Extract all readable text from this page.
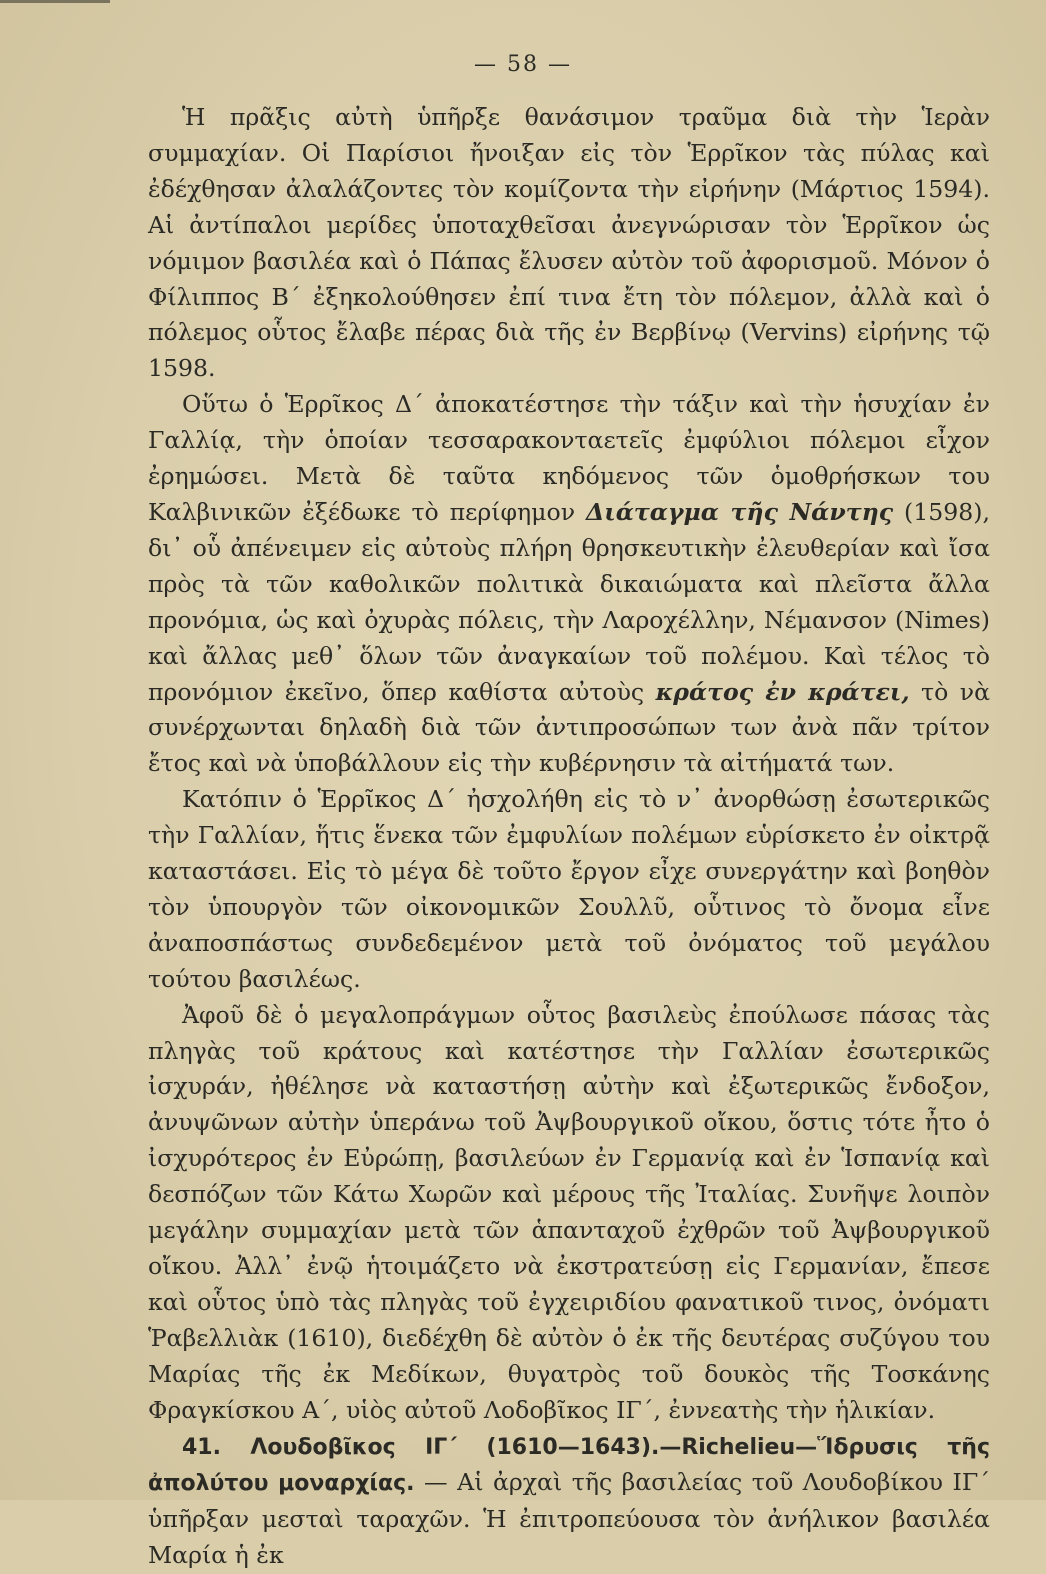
— 58 —

Ἡ πρᾶξις αὐτὴ ὑπῆρξε θανάσιμον τραῦμα διὰ τὴν Ἱερὰν συμμαχίαν. Οἱ Παρίσιοι ἤνοιξαν εἰς τὸν Ἑρρῖκον τὰς πύλας καὶ ἐδέχθησαν ἀλαλάζοντες τὸν κομίζοντα τὴν εἰρήνην (Μάρτιος 1594). Αἱ ἀντίπαλοι μερίδες ὑποταχθεῖσαι ἀνεγνώρισαν τὸν Ἑρρῖκον ὡς νόμιμον βασιλέα καὶ ὁ Πάπας ἔλυσεν αὐτὸν τοῦ ἀφορισμοῦ. Μόνον ὁ Φίλιππος Β΄ ἐξηκολούθησεν ἐπί τινα ἔτη τὸν πόλεμον, ἀλλὰ καὶ ὁ πόλεμος οὗτος ἔλαβε πέρας διὰ τῆς ἐν Βερβίνῳ (Vervins) εἰρήνης τῷ 1598.

Οὕτω ὁ Ἑρρῖκος Δ΄ ἀποκατέστησε τὴν τάξιν καὶ τὴν ἡσυχίαν ἐν Γαλλίᾳ, τὴν ὁποίαν τεσσαρακονταετεῖς ἐμφύλιοι πόλεμοι εἶχον ἐρημώσει. Μετὰ δὲ ταῦτα κηδόμενος τῶν ὁμοθρήσκων του Καλβινικῶν ἐξέδωκε τὸ περίφημον Διάταγμα τῆς Νάντης (1598), δι᾽ οὗ ἀπένειμεν εἰς αὐτοὺς πλήρη θρησκευτικὴν ἐλευθερίαν καὶ ἴσα πρὸς τὰ τῶν καθολικῶν πολιτικὰ δικαιώματα καὶ πλεῖστα ἄλλα προνόμια, ὡς καὶ ὀχυρὰς πόλεις, τὴν Λαροχέλλην, Νέμανσον (Nimes) καὶ ἄλλας μεθ᾽ ὅλων τῶν ἀναγκαίων τοῦ πολέμου. Καὶ τέλος τὸ προνόμιον ἐκεῖνο, ὅπερ καθίστα αὐτοὺς κράτος ἐν κράτει, τὸ νὰ συνέρχωνται δηλαδὴ διὰ τῶν ἀντιπροσώπων των ἀνὰ πᾶν τρίτον ἔτος καὶ νὰ ὑποβάλλουν εἰς τὴν κυβέρνησιν τὰ αἰτήματά των.

Κατόπιν ὁ Ἑρρῖκος Δ΄ ἠσχολήθη εἰς τὸ ν᾽ ἀνορθώσῃ ἐσωτερικῶς τὴν Γαλλίαν, ἥτις ἕνεκα τῶν ἐμφυλίων πολέμων εὑρίσκετο ἐν οἰκτρᾷ καταστάσει. Εἰς τὸ μέγα δὲ τοῦτο ἔργον εἶχε συνεργάτην καὶ βοηθὸν τὸν ὑπουργὸν τῶν οἰκονομικῶν Σουλλῦ, οὗτινος τὸ ὄνομα εἶνε ἀναποσπάστως συνδεδεμένον μετὰ τοῦ ὀνόματος τοῦ μεγάλου τούτου βασιλέως.

Ἀφοῦ δὲ ὁ μεγαλοπράγμων οὗτος βασιλεὺς ἐπούλωσε πάσας τὰς πληγὰς τοῦ κράτους καὶ κατέστησε τὴν Γαλλίαν ἐσωτερικῶς ἰσχυράν, ἠθέλησε νὰ καταστήσῃ αὐτὴν καὶ ἐξωτερικῶς ἔνδοξον, ἀνυψῶνων αὐτὴν ὑπεράνω τοῦ Ἀψβουργικοῦ οἴκου, ὅστις τότε ἦτο ὁ ἰσχυρότερος ἐν Εὐρώπῃ, βασιλεύων ἐν Γερμανίᾳ καὶ ἐν Ἱσπανίᾳ καὶ δεσπόζων τῶν Κάτω Χωρῶν καὶ μέρους τῆς Ἰταλίας. Συνῆψε λοιπὸν μεγάλην συμμαχίαν μετὰ τῶν ἁπανταχοῦ ἐχθρῶν τοῦ Ἀψβουργικοῦ οἴκου. Ἀλλ᾽ ἐνῷ ἡτοιμάζετο νὰ ἐκστρατεύσῃ εἰς Γερμανίαν, ἔπεσε καὶ οὗτος ὑπὸ τὰς πληγὰς τοῦ ἐγχειριδίου φανατικοῦ τινος, ὀνόματι Ῥαβελλιὰκ (1610), διεδέχθη δὲ αὐτὸν ὁ ἐκ τῆς δευτέρας συζύγου του Μαρίας τῆς ἐκ Μεδίκων, θυγατρὸς τοῦ δουκὸς τῆς Τοσκάνης Φραγκίσκου Α΄, υἱὸς αὐτοῦ Λοδοβῖκος ΙΓ΄, ἐννεατὴς τὴν ἡλικίαν.

41. Λουδοβῖκος ΙΓ΄ (1610—1643).—Richelieu—Ἵδρυσις τῆς ἀπολύτου μοναρχίας. — Αἱ ἀρχαὶ τῆς βασιλείας τοῦ Λουδοβίκου ΙΓ΄ ὑπῆρξαν μεσταὶ ταραχῶν. Ἡ ἐπιτροπεύουσα τὸν ἀνήλικον βασιλέα Μαρία ἡ ἐκ
